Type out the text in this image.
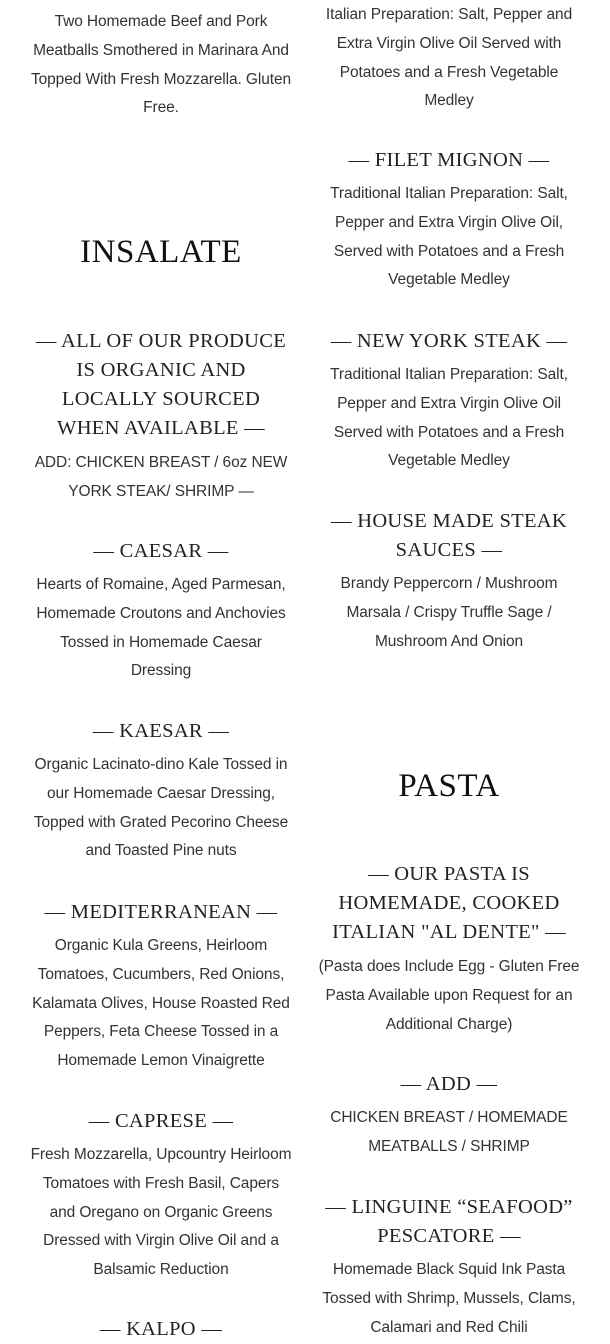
Two Homemade Beef and Pork Meatballs Smothered in Marinara And Topped With Fresh Mozzarella. Gluten Free.

INSALATE
— ALL OF OUR PRODUCE IS ORGANIC AND LOCALLY SOURCED WHEN AVAILABLE —

ADD: CHICKEN BREAST / 6oz NEW YORK STEAK/ SHRIMP —

— CAESAR —

Hearts of Romaine, Aged Parmesan, Homemade Croutons and Anchovies Tossed in Homemade Caesar Dressing

— KAESAR —

Organic Lacinato-dino Kale Tossed in our Homemade Caesar Dressing, Topped with Grated Pecorino Cheese and Toasted Pine nuts

— MEDITERRANEAN —

Organic Kula Greens, Heirloom Tomatoes, Cucumbers, Red Onions, Kalamata Olives, House Roasted Red Peppers, Feta Cheese Tossed in a Homemade Lemon Vinaigrette

— CAPRESE —

Fresh Mozzarella, Upcountry Heirloom Tomatoes with Fresh Basil, Capers and Oregano on Organic Greens Dressed with Virgin Olive Oil and a Balsamic Reduction

— KALPO —

Italian Preparation: Salt, Pepper and Extra Virgin Olive Oil Served with Potatoes and a Fresh Vegetable Medley

— FILET MIGNON —

Traditional Italian Preparation: Salt, Pepper and Extra Virgin Olive Oil, Served with Potatoes and a Fresh Vegetable Medley

— NEW YORK STEAK —

Traditional Italian Preparation: Salt, Pepper and Extra Virgin Olive Oil Served with Potatoes and a Fresh Vegetable Medley

— HOUSE MADE STEAK SAUCES —

Brandy Peppercorn / Mushroom Marsala / Crispy Truffle Sage / Mushroom And Onion

PASTA
— OUR PASTA IS HOMEMADE, COOKED ITALIAN "AL DENTE" —

(Pasta does Include Egg - Gluten Free Pasta Available upon Request for an Additional Charge)

— ADD —

CHICKEN BREAST / HOMEMADE MEATBALLS / SHRIMP

— LINGUINE “SEAFOOD” PESCATORE —

Homemade Black Squid Ink Pasta Tossed with Shrimp, Mussels, Clams, Calamari and Red Chili
